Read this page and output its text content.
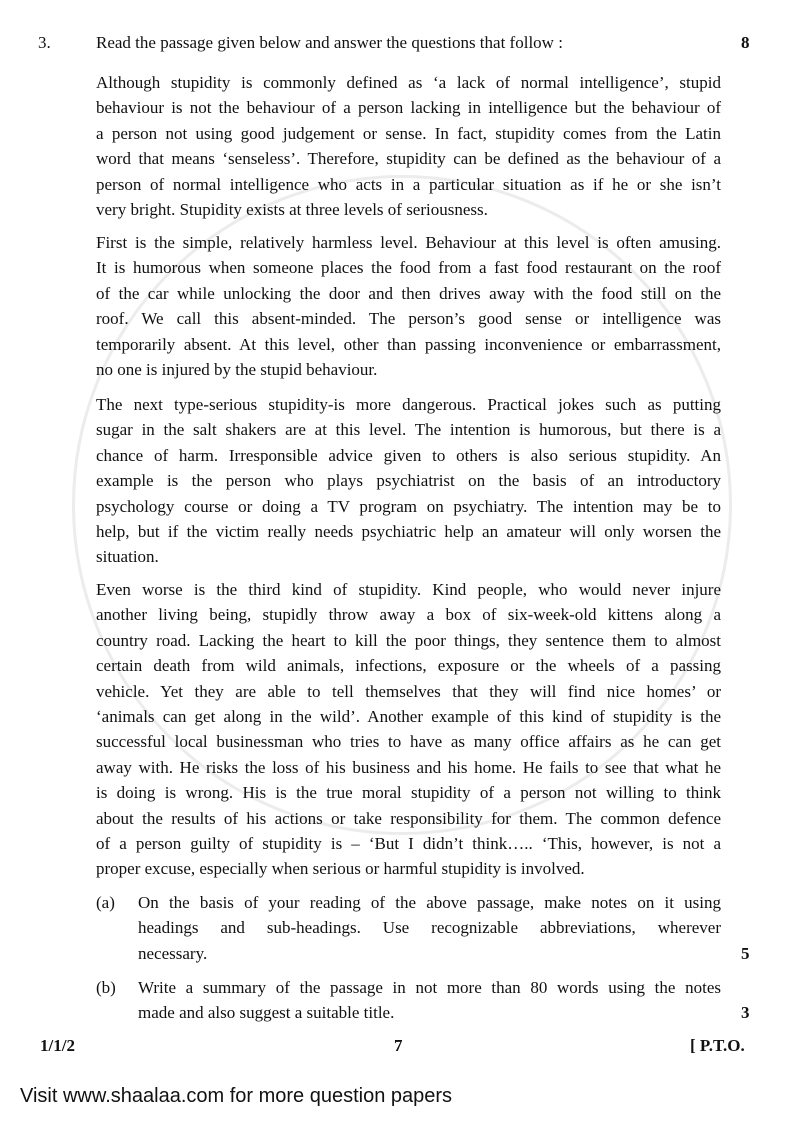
3.	Read the passage given below and answer the questions that follow :	8
Although stupidity is commonly defined as ‘a lack of normal intelligence’, stupid
behaviour is not the behaviour of a person lacking in intelligence but the behaviour of
a person not using good judgement or sense. In fact, stupidity comes from the Latin
word that means ‘senseless’. Therefore, stupidity can be defined as the behaviour of a
person of normal intelligence who acts in a particular situation as if he or she isn’t
very bright. Stupidity exists at three levels of seriousness.
First is the simple, relatively harmless level. Behaviour at this level is often amusing.
It is humorous when someone places the food from a fast food restaurant on the roof
of the car while unlocking the door and then drives away with the food still on the
roof. We call this absent-minded. The person’s good sense or intelligence was
temporarily absent. At this level, other than passing inconvenience or embarrassment,
no one is injured by the stupid behaviour.
The next type-serious stupidity-is more dangerous. Practical jokes such as putting
sugar in the salt shakers are at this level. The intention is humorous, but there is a
chance of harm. Irresponsible advice given to others is also serious stupidity. An
example is the person who plays psychiatrist on the basis of an introductory
psychology course or doing a TV program on psychiatry. The intention may be to
help, but if the victim really needs psychiatric help an amateur will only worsen the
situation.
Even worse is the third kind of stupidity. Kind people, who would never injure
another living being, stupidly throw away a box of six-week-old kittens along a
country road. Lacking the heart to kill the poor things, they sentence them to almost
certain death from wild animals, infections, exposure or the wheels of a passing
vehicle. Yet they are able to tell themselves that they will find nice homes’ or
‘animals can get along in the wild’. Another example of this kind of stupidity is the
successful local businessman who tries to have as many office affairs as he can get
away with. He risks the loss of his business and his home. He fails to see that what he
is doing is wrong. His is the true moral stupidity of a person not willing to think
about the results of his actions or take responsibility for them. The common defence
of a person guilty of stupidity is – ‘But I didn’t think….. ‘This, however, is not a
proper excuse, especially when serious or harmful stupidity is involved.
(a) On the basis of your reading of the above passage, make notes on it using
headings and sub-headings. Use recognizable abbreviations, wherever
necessary.	5
(b) Write a summary of the passage in not more than 80 words using the notes
made and also suggest a suitable title.	3
1/1/2	7	[ P.T.O.
Visit www.shaalaa.com for more question papers
